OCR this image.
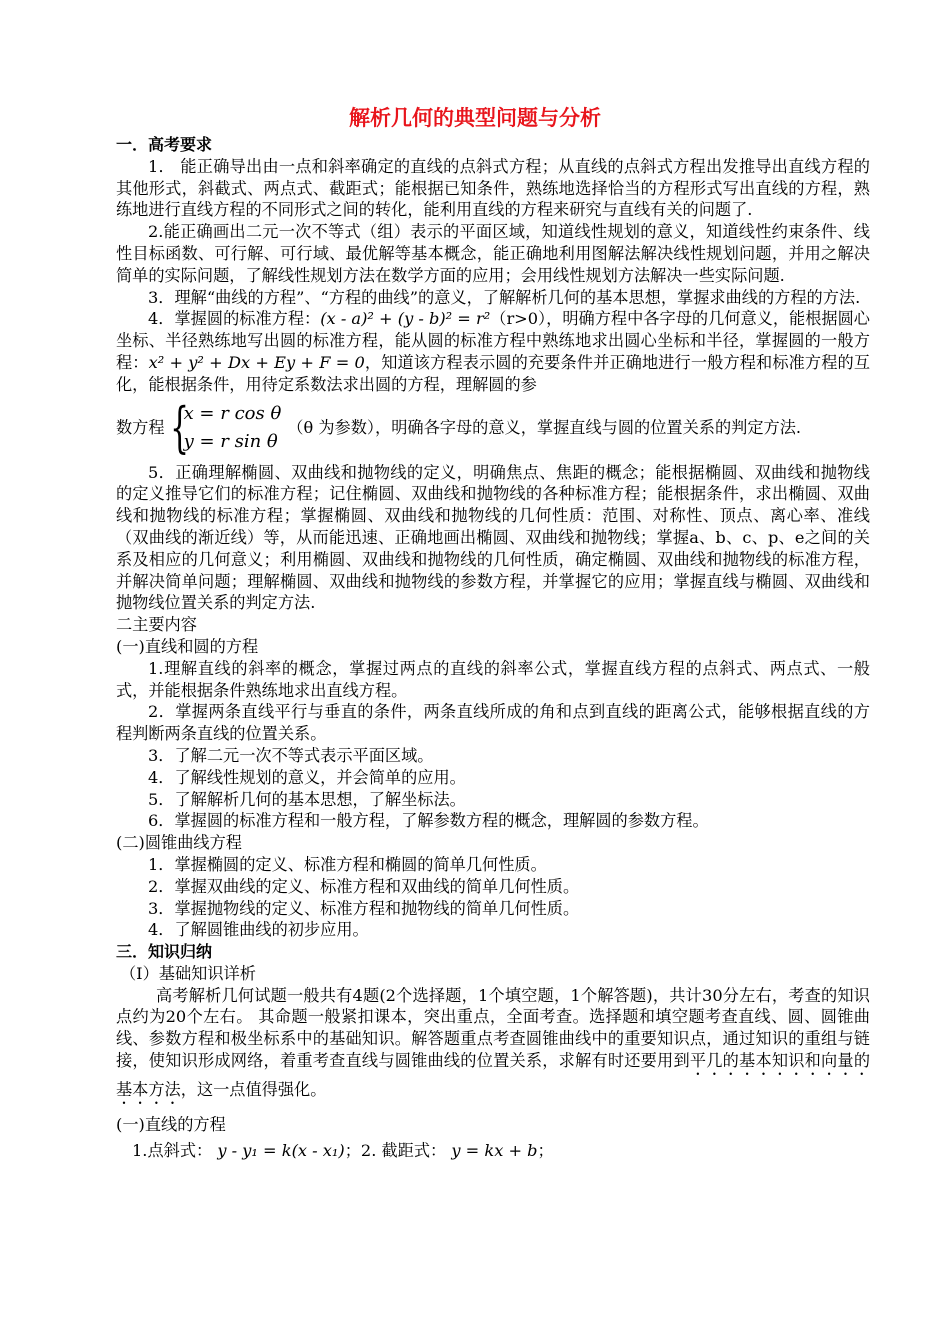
解析几何的典型问题与分析
一．高考要求

1． 能正确导出由一点和斜率确定的直线的点斜式方程；从直线的点斜式方程出发推导出直线方程的其他形式，斜截式、两点式、截距式；能根据已知条件，熟练地选择恰当的方程形式写出直线的方程，熟练地进行直线方程的不同形式之间的转化，能利用直线的方程来研究与直线有关的问题了.

2.能正确画出二元一次不等式（组）表示的平面区域，知道线性规划的意义，知道线性约束条件、线性目标函数、可行解、可行域、最优解等基本概念，能正确地利用图解法解决线性规划问题，并用之解决简单的实际问题，了解线性规划方法在数学方面的应用；会用线性规划方法解决一些实际问题.

3．理解“曲线的方程”、“方程的曲线”的意义，了解解析几何的基本思想，掌握求曲线的方程的方法.

4．掌握圆的标准方程：(x - a)² + (y - b)² = r²（r>0），明确方程中各字母的几何意义，能根据圆心坐标、半径熟练地写出圆的标准方程，能从圆的标准方程中熟练地求出圆心坐标和半径，掌握圆的一般方程：x² + y² + Dx + Ey + F = 0，知道该方程表示圆的充要条件并正确地进行一般方程和标准方程的互化，能根据条件，用待定系数法求出圆的方程，理解圆的参

数方程 {
x = r cos θ
y = r sin θ
（θ 为参数），明确各字母的意义，掌握直线与圆的位置关系的判定方法.

5．正确理解椭圆、双曲线和抛物线的定义，明确焦点、焦距的概念；能根据椭圆、双曲线和抛物线的定义推导它们的标准方程；记住椭圆、双曲线和抛物线的各种标准方程；能根据条件，求出椭圆、双曲线和抛物线的标准方程；掌握椭圆、双曲线和抛物线的几何性质：范围、对称性、顶点、离心率、准线（双曲线的渐近线）等，从而能迅速、正确地画出椭圆、双曲线和抛物线；掌握a、b、c、p、e之间的关系及相应的几何意义；利用椭圆、双曲线和抛物线的几何性质，确定椭圆、双曲线和抛物线的标准方程，并解决简单问题；理解椭圆、双曲线和抛物线的参数方程，并掌握它的应用；掌握直线与椭圆、双曲线和抛物线位置关系的判定方法.

二主要内容
(一)直线和圆的方程

1.理解直线的斜率的概念，掌握过两点的直线的斜率公式，掌握直线方程的点斜式、两点式、一般式，并能根据条件熟练地求出直线方程。

2．掌握两条直线平行与垂直的条件，两条直线所成的角和点到直线的距离公式，能够根据直线的方程判断两条直线的位置关系。

3．了解二元一次不等式表示平面区域。

4．了解线性规划的意义，并会简单的应用。

5．了解解析几何的基本思想，了解坐标法。

6．掌握圆的标准方程和一般方程，了解参数方程的概念，理解圆的参数方程。

(二)圆锥曲线方程

1．掌握椭圆的定义、标准方程和椭圆的简单几何性质。

2．掌握双曲线的定义、标准方程和双曲线的简单几何性质。

3．掌握抛物线的定义、标准方程和抛物线的简单几何性质。

4．了解圆锥曲线的初步应用。

三．知识归纳
（Ⅰ）基础知识详析

高考解析几何试题一般共有4题(2个选择题，1个填空题，1个解答题)，共计30分左右，考查的知识点约为20个左右。 其命题一般紧扣课本，突出重点，全面考查。选择题和填空题考查直线、圆、圆锥曲线、参数方程和极坐标系中的基础知识。解答题重点考查圆锥曲线中的重要知识点，通过知识的重组与链接，使知识形成网络，着重考查直线与圆锥曲线的位置关系，求解有时还要用到平几的基本知识和向量的基本方法，这一点值得强化。

(一)直线的方程

1.点斜式： y - y₁ = k(x - x₁)；2. 截距式： y = kx + b；
